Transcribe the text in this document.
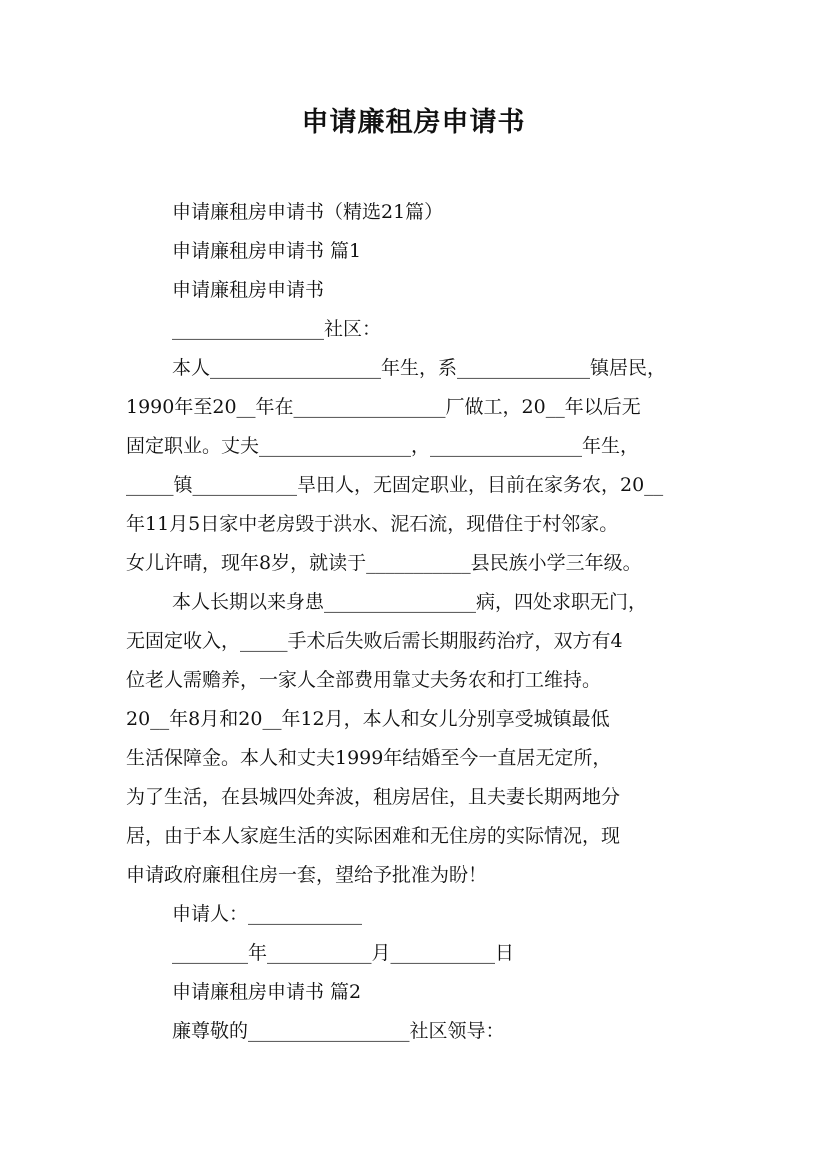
申请廉租房申请书

申请廉租房申请书（精选21篇）

申请廉租房申请书 篇1

申请廉租房申请书

________________社区：

本人__________________年生，系______________镇居民，

1990年至20__年在________________厂做工，20__年以后无

固定职业。丈夫________________，________________年生，

_____镇___________旱田人，无固定职业，目前在家务农，20__

年11月5日家中老房毁于洪水、泥石流，现借住于村邻家。

女儿许晴，现年8岁，就读于___________县民族小学三年级。

本人长期以来身患________________病，四处求职无门，

无固定收入，_____手术后失败后需长期服药治疗，双方有4

位老人需赡养，一家人全部费用靠丈夫务农和打工维持。

20__年8月和20__年12月，本人和女儿分别享受城镇最低

生活保障金。本人和丈夫1999年结婚至今一直居无定所，

为了生活，在县城四处奔波，租房居住，且夫妻长期两地分

居，由于本人家庭生活的实际困难和无住房的实际情况，现

申请政府廉租住房一套，望给予批准为盼！

申请人：____________

________年___________月___________日

申请廉租房申请书 篇2

廉尊敬的_________________社区领导：
